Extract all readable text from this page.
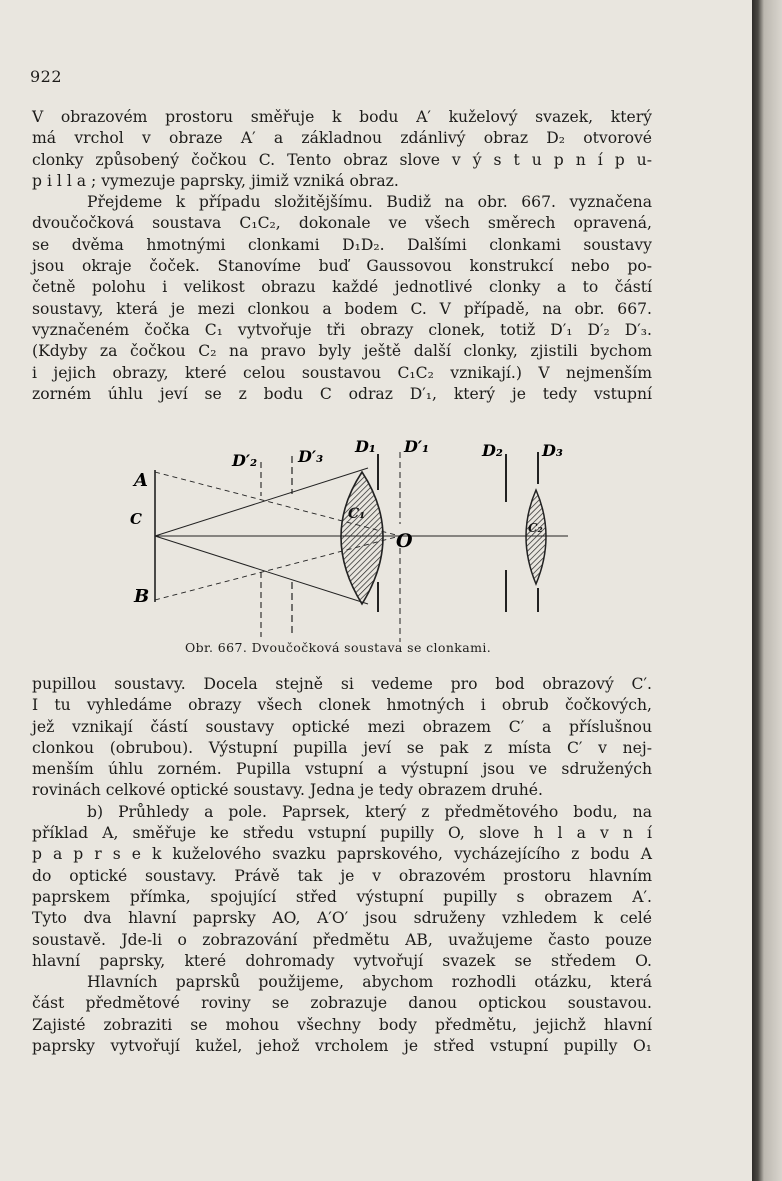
922

V obrazovém prostoru směřuje k bodu A′ kuželový svazek, který

má vrchol v obraze A′ a základnou zdánlivý obraz D₂ otvorové

clonky způsobený čočkou C. Tento obraz slove v ý s t u p n í p u-

p i l l a ; vymezuje paprsky, jimiž vzniká obraz.

Přejdeme k případu složitějšímu. Budiž na obr. 667. vyznačena

dvoučočková soustava C₁C₂, dokonale ve všech směrech opravená,

se dvěma hmotnými clonkami D₁D₂. Dalšími clonkami soustavy

jsou okraje čoček. Stanovíme buď Gaussovou konstrukcí nebo po-

četně polohu i velikost obrazu každé jednotlivé clonky a to částí

soustavy, která je mezi clonkou a bodem C. V případě, na obr. 667.

vyznačeném čočka C₁ vytvořuje tři obrazy clonek, totiž D′₁ D′₂ D′₃.

(Kdyby za čočkou C₂ na pravo byly ještě další clonky, zjistili bychom

i jejich obrazy, které celou soustavou C₁C₂ vznikají.) V nejmenším

zorném úhlu jeví se z bodu C odraz D′₁, který je tedy vstupní

A
C
B
O
D′₂	D′₃
D₁ D′₁	D₂ D₃
C₁
C₂
Obr. 667. Dvoučočková soustava se clonkami.

pupillou soustavy. Docela stejně si vedeme pro bod obrazový C′.

I tu vyhledáme obrazy všech clonek hmotných i obrub čočkových,

jež vznikají částí soustavy optické mezi obrazem C′ a příslušnou

clonkou (obrubou). Výstupní pupilla jeví se pak z místa C′ v nej-

menším úhlu zorném. Pupilla vstupní a výstupní jsou ve sdružených

rovinách celkové optické soustavy. Jedna je tedy obrazem druhé.

b) Průhledy a pole. Paprsek, který z předmětového bodu, na

příklad A, směřuje ke středu vstupní pupilly O, slove h l a v n í

p a p r s e k kuželového svazku paprskového, vycházejícího z bodu A

do optické soustavy. Právě tak je v obrazovém prostoru hlavním

paprskem přímka, spojující střed výstupní pupilly s obrazem A′.

Tyto dva hlavní paprsky AO, A′O′ jsou sdruženy vzhledem k celé

soustavě. Jde-li o zobrazování předmětu AB, uvažujeme často pouze

hlavní paprsky, které dohromady vytvořují svazek se středem O.

Hlavních paprsků použijeme, abychom rozhodli otázku, která

část předmětové roviny se zobrazuje danou optickou soustavou.

Zajisté zobraziti se mohou všechny body předmětu, jejichž hlavní

paprsky vytvořují kužel, jehož vrcholem je střed vstupní pupilly O₁
